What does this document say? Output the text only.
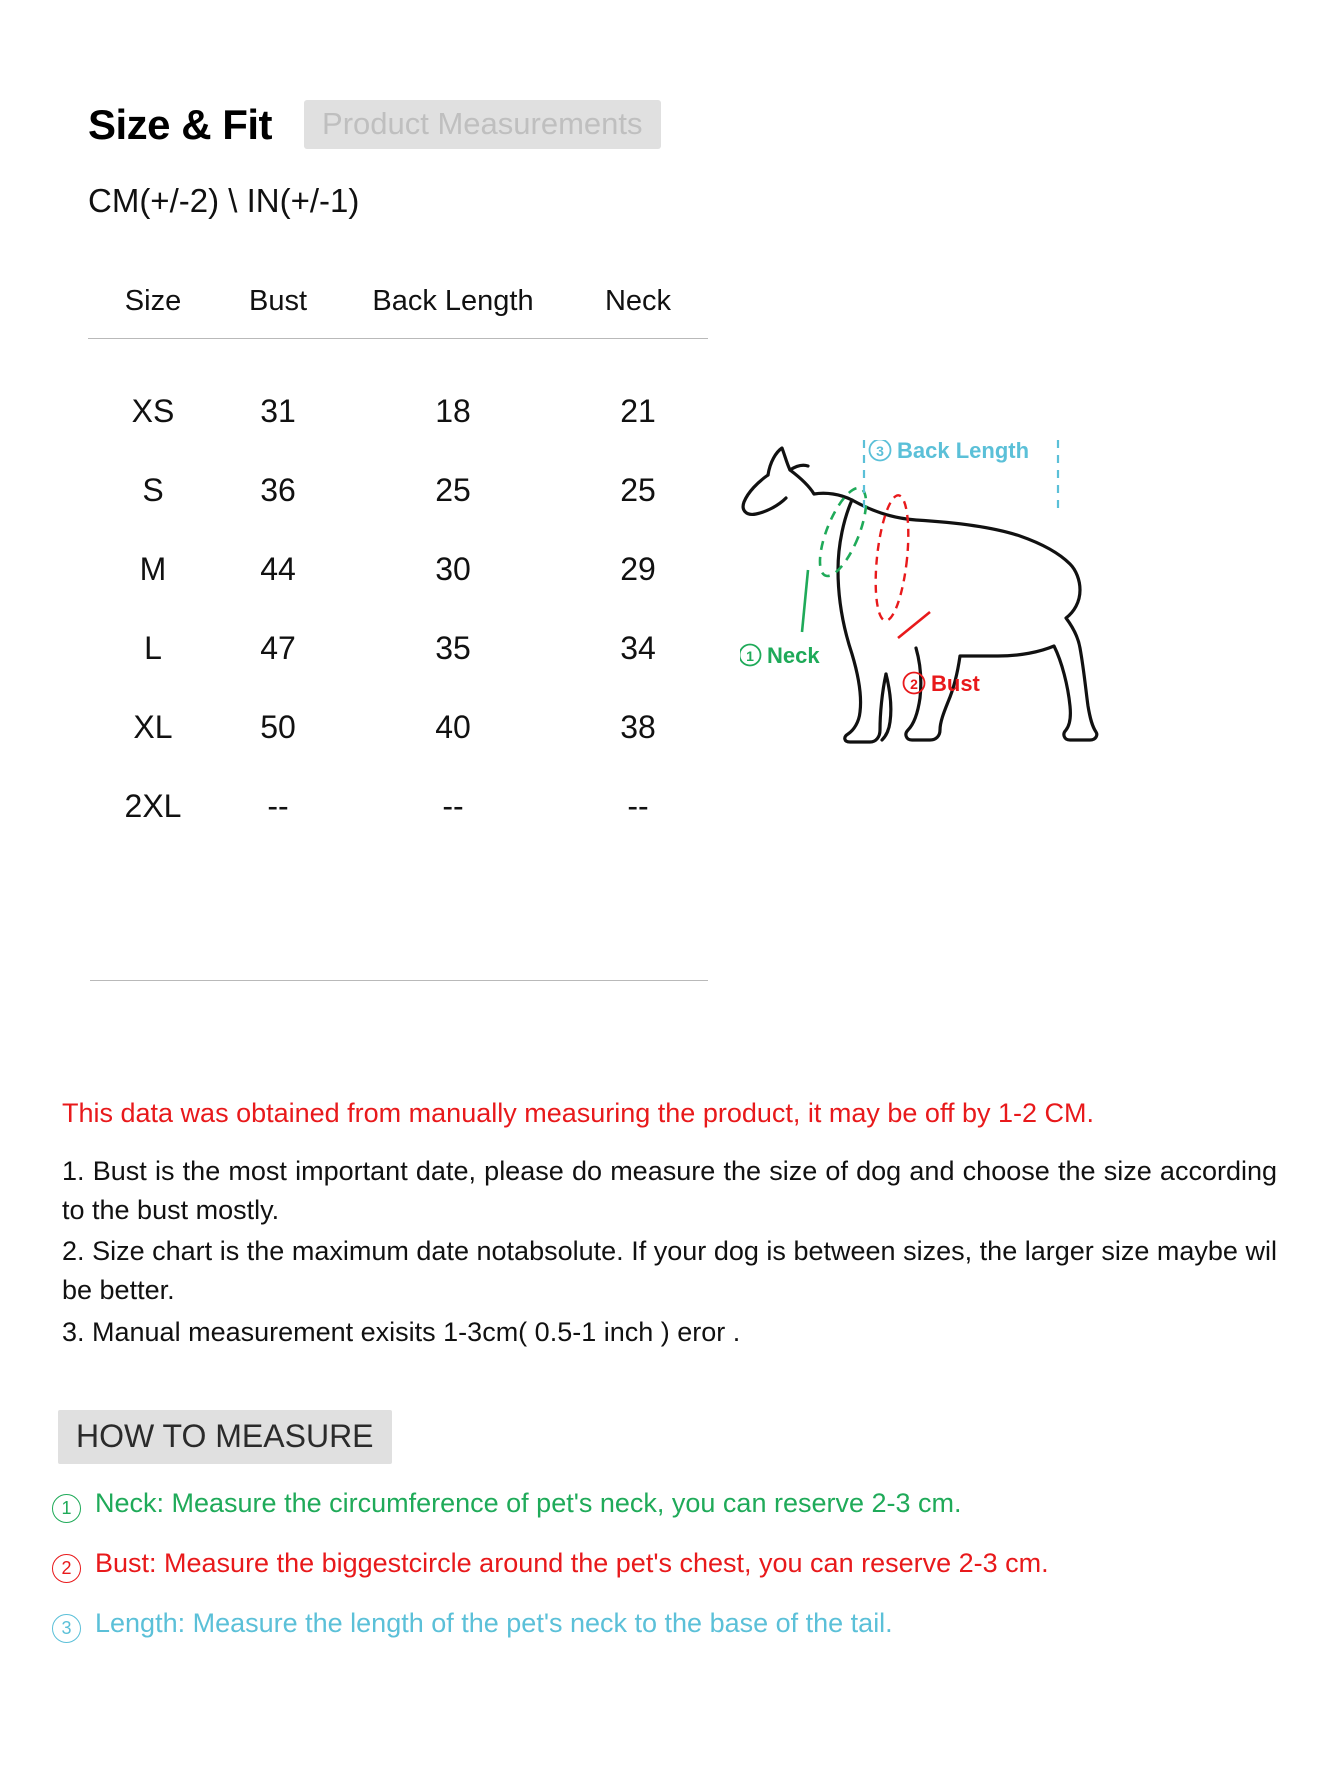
Size & Fit	Product Measurements
CM(+/-2) \ IN(+/-1)
Size	Bust	Back Length	Neck
XS	31	18	21
S	36	25	25
M	44	30	29
L	47	35	34
XL	50	40	38
2XL	--	--	--
1 Neck
2 Bust
3 Back Length
This data was obtained from manually measuring the product, it may be off by 1-2 CM.

1. Bust is the most important date, please do measure the size of dog and choose the size according to the bust mostly.

2. Size chart is the maximum date notabsolute. If your dog is between sizes, the larger size maybe wil be better.

3. Manual measurement exisits 1-3cm( 0.5-1 inch ) eror .

HOW TO MEASURE
1 Neck: Measure the circumference of pet's neck, you can reserve 2-3 cm.
2 Bust: Measure the biggestcircle around the pet's chest, you can reserve 2-3 cm.
3 Length: Measure the length of the pet's neck to the base of the tail.
